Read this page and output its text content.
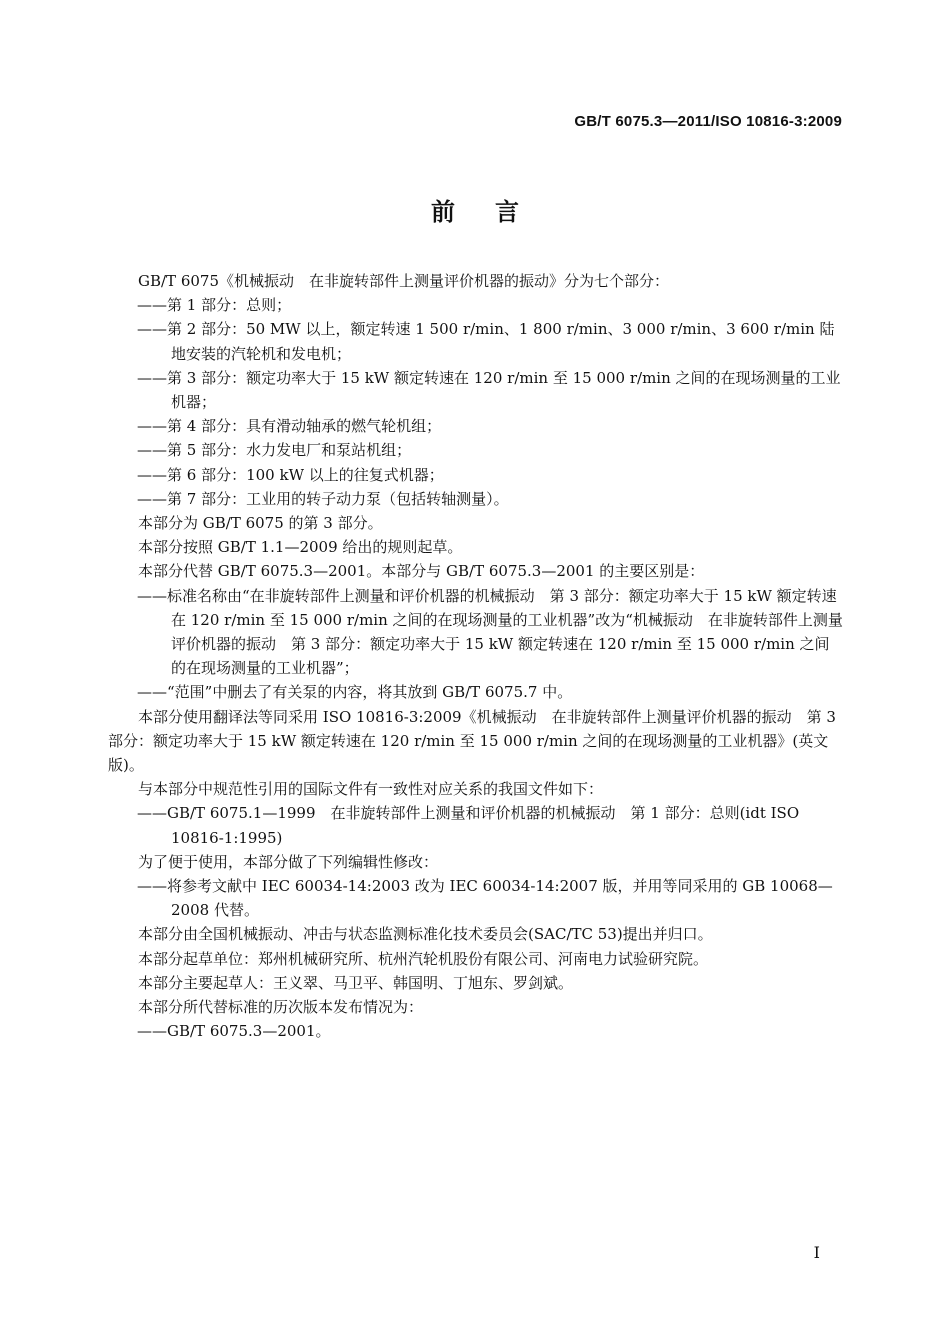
GB/T 6075.3—2011/ISO 10816-3:2009
前言

GB/T 6075《机械振动　在非旋转部件上测量评价机器的振动》分为七个部分：

——第 1 部分：总则；

——第 2 部分：50 MW 以上，额定转速 1 500 r/min、1 800 r/min、3 000 r/min、3 600 r/min 陆地安装的汽轮机和发电机；

——第 3 部分：额定功率大于 15 kW 额定转速在 120 r/min 至 15 000 r/min 之间的在现场测量的工业机器；

——第 4 部分：具有滑动轴承的燃气轮机组；

——第 5 部分：水力发电厂和泵站机组；

——第 6 部分：100 kW 以上的往复式机器；

——第 7 部分：工业用的转子动力泵（包括转轴测量）。

本部分为 GB/T 6075 的第 3 部分。

本部分按照 GB/T 1.1—2009 给出的规则起草。

本部分代替 GB/T 6075.3—2001。本部分与 GB/T 6075.3—2001 的主要区别是：

——标准名称由“在非旋转部件上测量和评价机器的机械振动　第 3 部分：额定功率大于 15 kW 额定转速在 120 r/min 至 15 000 r/min 之间的在现场测量的工业机器”改为“机械振动　在非旋转部件上测量评价机器的振动　第 3 部分：额定功率大于 15 kW 额定转速在 120 r/min 至 15 000 r/min 之间的在现场测量的工业机器”；

——“范围”中删去了有关泵的内容，将其放到 GB/T 6075.7 中。

本部分使用翻译法等同采用 ISO 10816-3:2009《机械振动　在非旋转部件上测量评价机器的振动　第 3 部分：额定功率大于 15 kW 额定转速在 120 r/min 至 15 000 r/min 之间的在现场测量的工业机器》(英文版)。

与本部分中规范性引用的国际文件有一致性对应关系的我国文件如下：

——GB/T 6075.1—1999　在非旋转部件上测量和评价机器的机械振动　第 1 部分：总则(idt ISO 10816-1:1995)

为了便于使用，本部分做了下列编辑性修改：

——将参考文献中 IEC 60034-14:2003 改为 IEC 60034-14:2007 版，并用等同采用的 GB 10068—2008 代替。

本部分由全国机械振动、冲击与状态监测标准化技术委员会(SAC/TC 53)提出并归口。

本部分起草单位：郑州机械研究所、杭州汽轮机股份有限公司、河南电力试验研究院。

本部分主要起草人：王义翠、马卫平、韩国明、丁旭东、罗剑斌。

本部分所代替标准的历次版本发布情况为：

——GB/T 6075.3—2001。

I
